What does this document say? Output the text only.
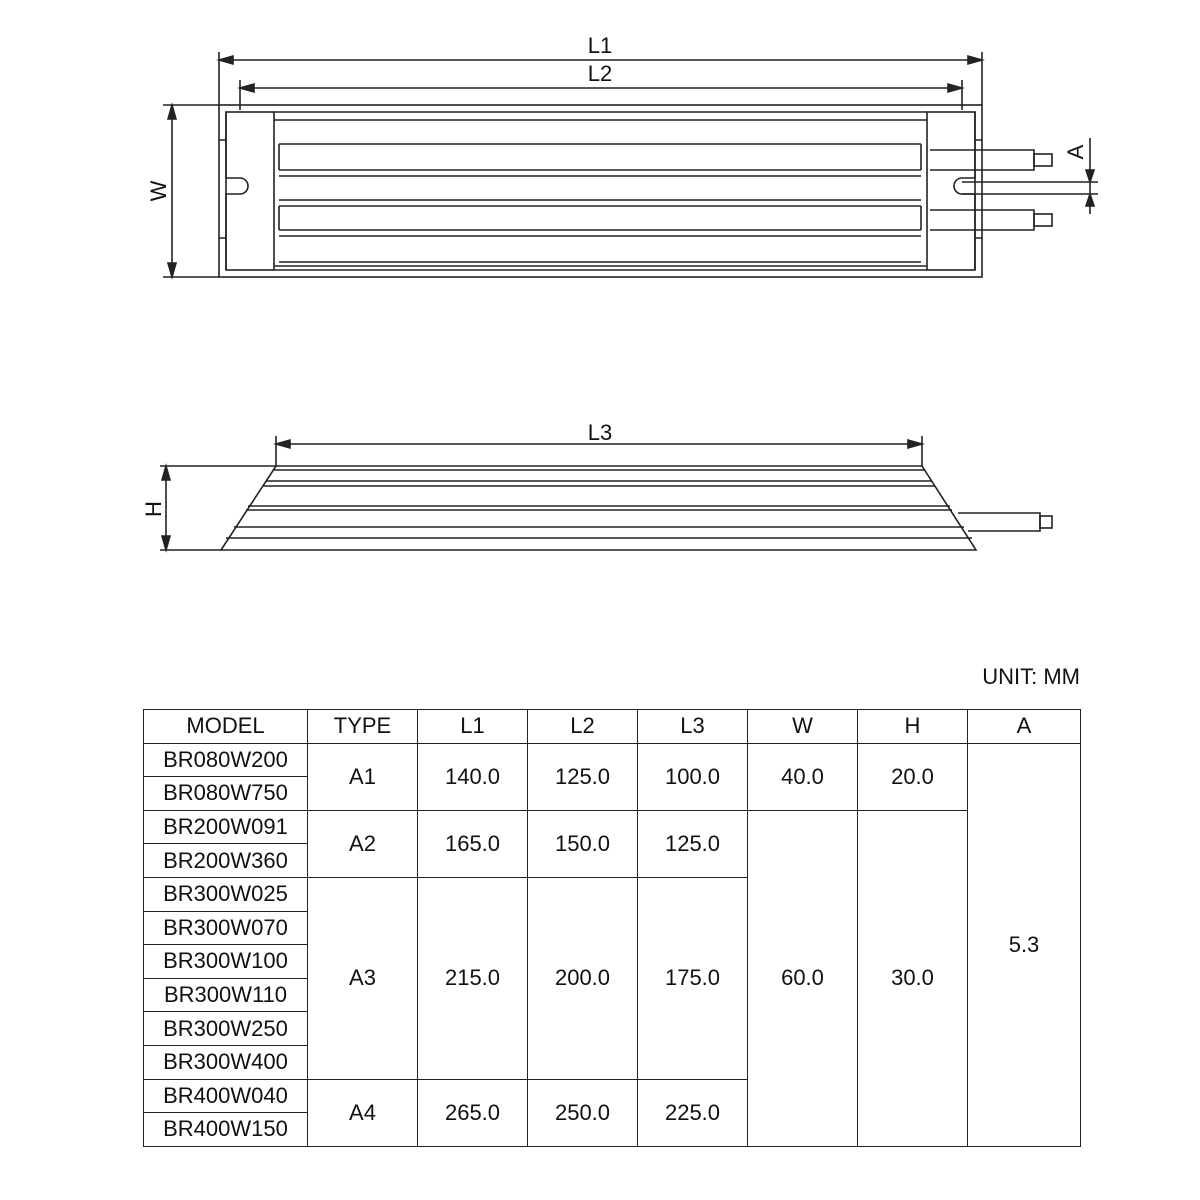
L1
L2
W
A
L3
H
UNIT: MM
MODEL	TYPE	L1	L2	L3	W	H	A
BR080W200	A1	140.0	125.0	100.0	40.0	20.0	5.3
BR080W750							
BR200W091	A2	165.0	150.0	125.0	60.0	30.0	
BR200W360							
BR300W025	A3	215.0	200.0	175.0			
BR300W070							
BR300W100							
BR300W110							
BR300W250							
BR300W400							
BR400W040	A4	265.0	250.0	225.0			
BR400W150							
